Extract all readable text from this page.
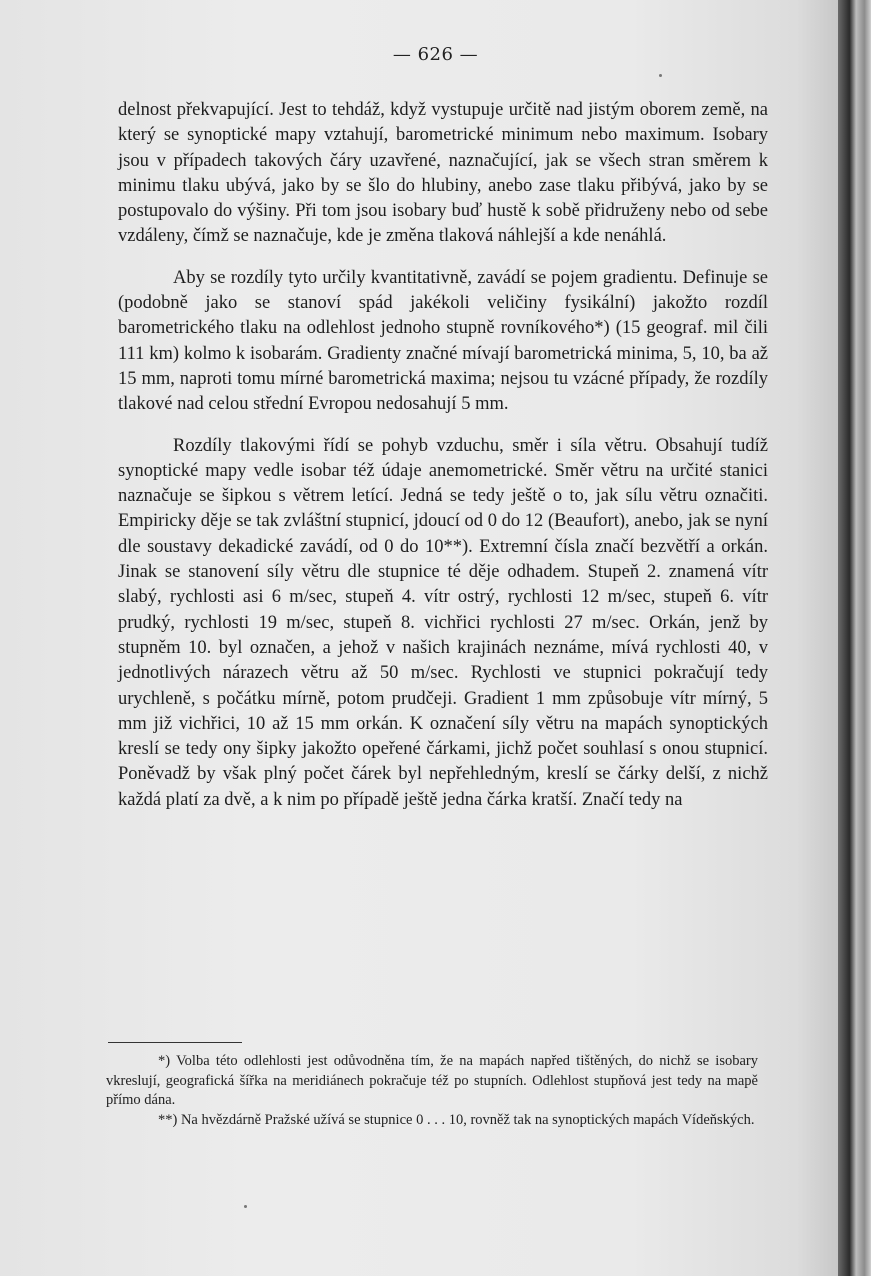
— 626 —

delnost překvapující. Jest to tehdáž, když vystupuje určitě nad jistým oborem země, na který se synoptické mapy vztahují, barometrické minimum nebo maximum. Isobary jsou v případech takových čáry uzavřené, naznačující, jak se všech stran směrem k minimu tlaku ubývá, jako by se šlo do hlubiny, anebo zase tlaku přibývá, jako by se postupovalo do výšiny. Při tom jsou isobary buď hustě k sobě přidruženy nebo od sebe vzdáleny, čímž se naznačuje, kde je změna tlaková náhlejší a kde nenáhlá.

Aby se rozdíly tyto určily kvantitativně, zavádí se pojem gradientu. Definuje se (podobně jako se stanoví spád jakékoli veličiny fysikální) jakožto rozdíl barometrického tlaku na odlehlost jednoho stupně rovníkového*) (15 geograf. mil čili 111 km) kolmo k isobarám. Gradienty značné mívají barometrická minima, 5, 10, ba až 15 mm, naproti tomu mírné barometrická maxima; nejsou tu vzácné případy, že rozdíly tlakové nad celou střední Evropou nedosahují 5 mm.

Rozdíly tlakovými řídí se pohyb vzduchu, směr i síla větru. Obsahují tudíž synoptické mapy vedle isobar též údaje anemometrické. Směr větru na určité stanici naznačuje se šipkou s větrem letící. Jedná se tedy ještě o to, jak sílu větru označiti. Empiricky děje se tak zvláštní stupnicí, jdoucí od 0 do 12 (Beaufort), anebo, jak se nyní dle soustavy dekadické zavádí, od 0 do 10**). Extremní čísla značí bezvětří a orkán. Jinak se stanovení síly větru dle stupnice té děje odhadem. Stupeň 2. znamená vítr slabý, rychlosti asi 6 m/sec, stupeň 4. vítr ostrý, rychlosti 12 m/sec, stupeň 6. vítr prudký, rychlosti 19 m/sec, stupeň 8. vichřici rychlosti 27 m/sec. Orkán, jenž by stupněm 10. byl označen, a jehož v našich krajinách neznáme, mívá rychlosti 40, v jednotlivých nárazech větru až 50 m/sec. Rychlosti ve stupnici pokračují tedy urychleně, s počátku mírně, potom prudčeji. Gradient 1 mm způsobuje vítr mírný, 5 mm již vichřici, 10 až 15 mm orkán. K označení síly větru na mapách synoptických kreslí se tedy ony šipky jakožto opeřené čárkami, jichž počet souhlasí s onou stupnicí. Poněvadž by však plný počet čárek byl nepřehledným, kreslí se čárky delší, z nichž každá platí za dvě, a k nim po případě ještě jedna čárka kratší. Značí tedy na

*) Volba této odlehlosti jest odůvodněna tím, že na mapách napřed tištěných, do nichž se isobary vkreslují, geografická šířka na meridiánech pokračuje též po stupních. Odlehlost stupňová jest tedy na mapě přímo dána.

**) Na hvězdárně Pražské užívá se stupnice 0 . . . 10, rovněž tak na synoptických mapách Vídeňských.
